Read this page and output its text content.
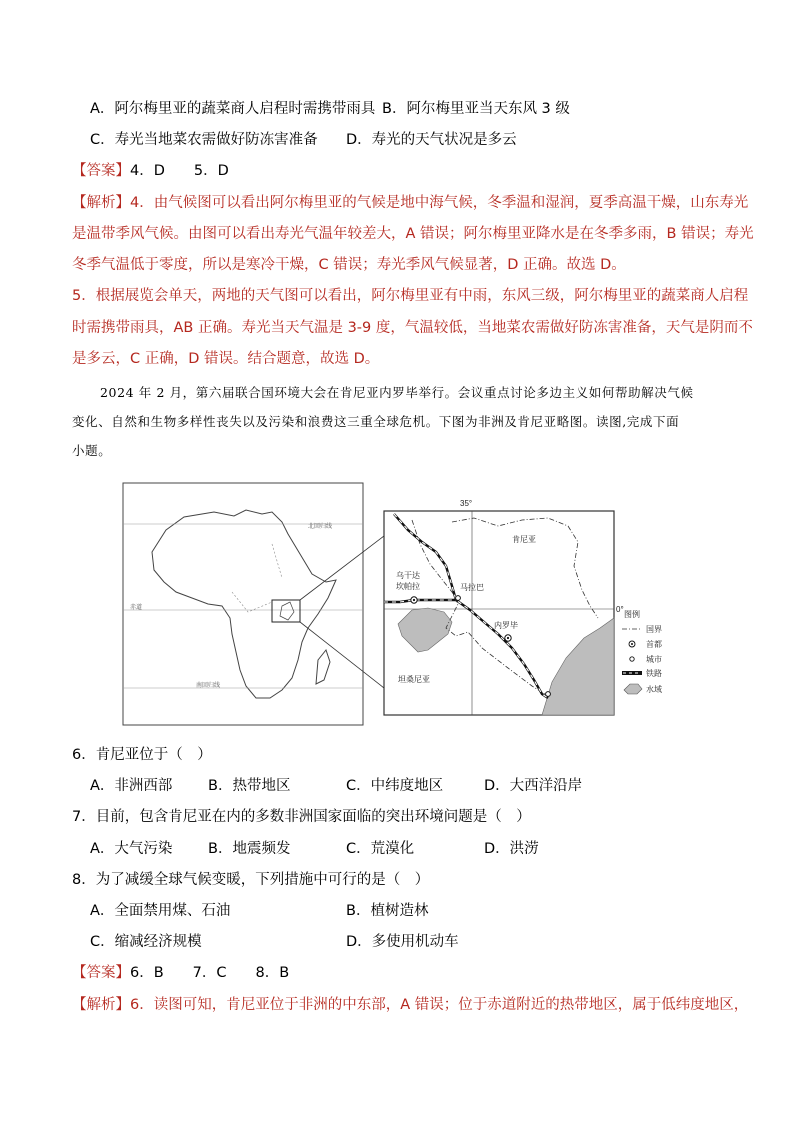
A．阿尔梅里亚的蔬菜商人启程时需携带雨具 B．阿尔梅里亚当天东风 3 级
C．寿光当地菜农需做好防冻害准备 D．寿光的天气状况是多云
【答案】4．D　　5．D
【解析】4．由气候图可以看出阿尔梅里亚的气候是地中海气候，冬季温和湿润，夏季高温干燥，山东寿光
是温带季风气候。由图可以看出寿光气温年较差大，A 错误；阿尔梅里亚降水是在冬季多雨，B 错误；寿光
冬季气温低于零度，所以是寒冷干燥，C 错误；寿光季风气候显著，D 正确。故选 D。
5．根据展览会单天，两地的天气图可以看出，阿尔梅里亚有中雨，东风三级，阿尔梅里亚的蔬菜商人启程
时需携带雨具，AB 正确。寿光当天气温是 3-9 度，气温较低，当地菜农需做好防冻害准备，天气是阴而不
是多云，C 正确，D 错误。结合题意，故选 D。
2024 年 2 月，第六届联合国环境大会在肯尼亚内罗毕举行。会议重点讨论多边主义如何帮助解决气候
变化、自然和生物多样性丧失以及污染和浪费这三重全球危机。下图为非洲及肯尼亚略图。读图,完成下面
小题。
北回归线
赤道
南回归线
35°
0°
肯尼亚
乌干达
坎帕拉	马拉巴
内罗毕
坦桑尼亚
图例
国界
首都
城市
铁路
水域
6．肯尼亚位于（　）
A．非洲西部 B．热带地区	C．中纬度地区	D．大西洋沿岸
7．目前，包含肯尼亚在内的多数非洲国家面临的突出环境问题是（　）
A．大气污染 B．地震频发	C．荒漠化	D．洪涝
8．为了减缓全球气候变暖，下列措施中可行的是（　）
A．全面禁用煤、石油	B．植树造林
C．缩减经济规模	D．多使用机动车
【答案】6．B　　7．C　　8．B
【解析】6．读图可知，肯尼亚位于非洲的中东部，A 错误；位于赤道附近的热带地区，属于低纬度地区，
